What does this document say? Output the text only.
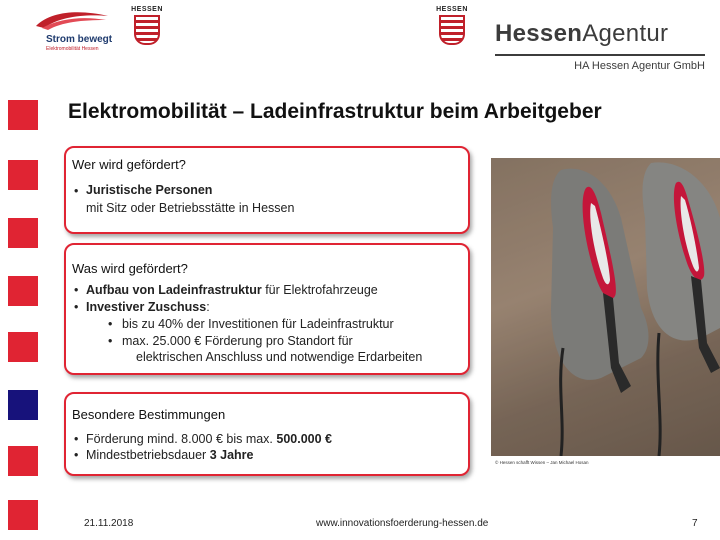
Strom bewegt
Elektromobilität Hessen
HESSEN	HESSEN
HessenAgentur
HA Hessen Agentur GmbH
Elektromobilität – Ladeinfrastruktur beim Arbeitgeber
Wer wird gefördert?
• Juristische Personen
mit Sitz oder Betriebsstätte in Hessen
Was wird gefördert?
• Aufbau von Ladeinfrastruktur für Elektrofahrzeuge
• Investiver Zuschuss:
• bis zu 40% der Investitionen für Ladeinfrastruktur
• max. 25.000 € Förderung pro Standort für
elektrischen Anschluss und notwendige Erdarbeiten
Besondere Bestimmungen
• Förderung mind. 8.000 € bis max. 500.000 €
• Mindestbetriebsdauer 3 Jahre
© Hessen schafft Wissen – Jan Michael Hosan
21.11.2018	www.innovationsfoerderung-hessen.de	7
